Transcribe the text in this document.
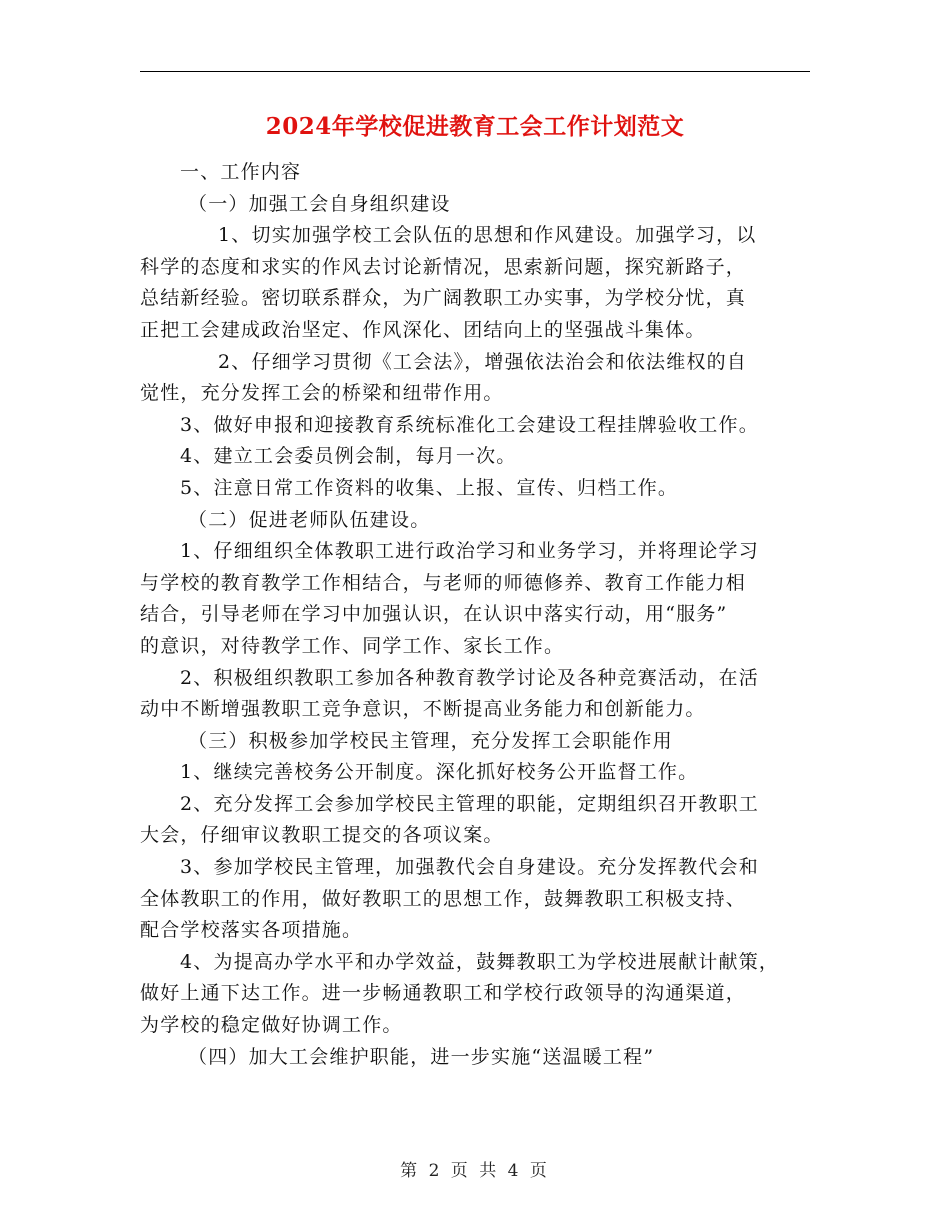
2024年学校促进教育工会工作计划范文
一、工作内容
（一）加强工会自身组织建设
1、切实加强学校工会队伍的思想和作风建设。加强学习，以
科学的态度和求实的作风去讨论新情况，思索新问题，探究新路子，
总结新经验。密切联系群众，为广阔教职工办实事，为学校分忧，真
正把工会建成政治坚定、作风深化、团结向上的坚强战斗集体。
2、仔细学习贯彻《工会法》，增强依法治会和依法维权的自
觉性，充分发挥工会的桥梁和纽带作用。
3、做好申报和迎接教育系统标准化工会建设工程挂牌验收工作。
4、建立工会委员例会制，每月一次。
5、注意日常工作资料的收集、上报、宣传、归档工作。
（二）促进老师队伍建设。
1、仔细组织全体教职工进行政治学习和业务学习，并将理论学习
与学校的教育教学工作相结合，与老师的师德修养、教育工作能力相
结合，引导老师在学习中加强认识，在认识中落实行动，用“服务”
的意识，对待教学工作、同学工作、家长工作。
2、积极组织教职工参加各种教育教学讨论及各种竞赛活动，在活
动中不断增强教职工竞争意识，不断提高业务能力和创新能力。
（三）积极参加学校民主管理，充分发挥工会职能作用
1、继续完善校务公开制度。深化抓好校务公开监督工作。
2、充分发挥工会参加学校民主管理的职能，定期组织召开教职工
大会，仔细审议教职工提交的各项议案。
3、参加学校民主管理，加强教代会自身建设。充分发挥教代会和
全体教职工的作用，做好教职工的思想工作，鼓舞教职工积极支持、
配合学校落实各项措施。
4、为提高办学水平和办学效益，鼓舞教职工为学校进展献计献策，
做好上通下达工作。进一步畅通教职工和学校行政领导的沟通渠道，
为学校的稳定做好协调工作。
（四）加大工会维护职能，进一步实施“送温暖工程”
第 2 页 共 4 页
